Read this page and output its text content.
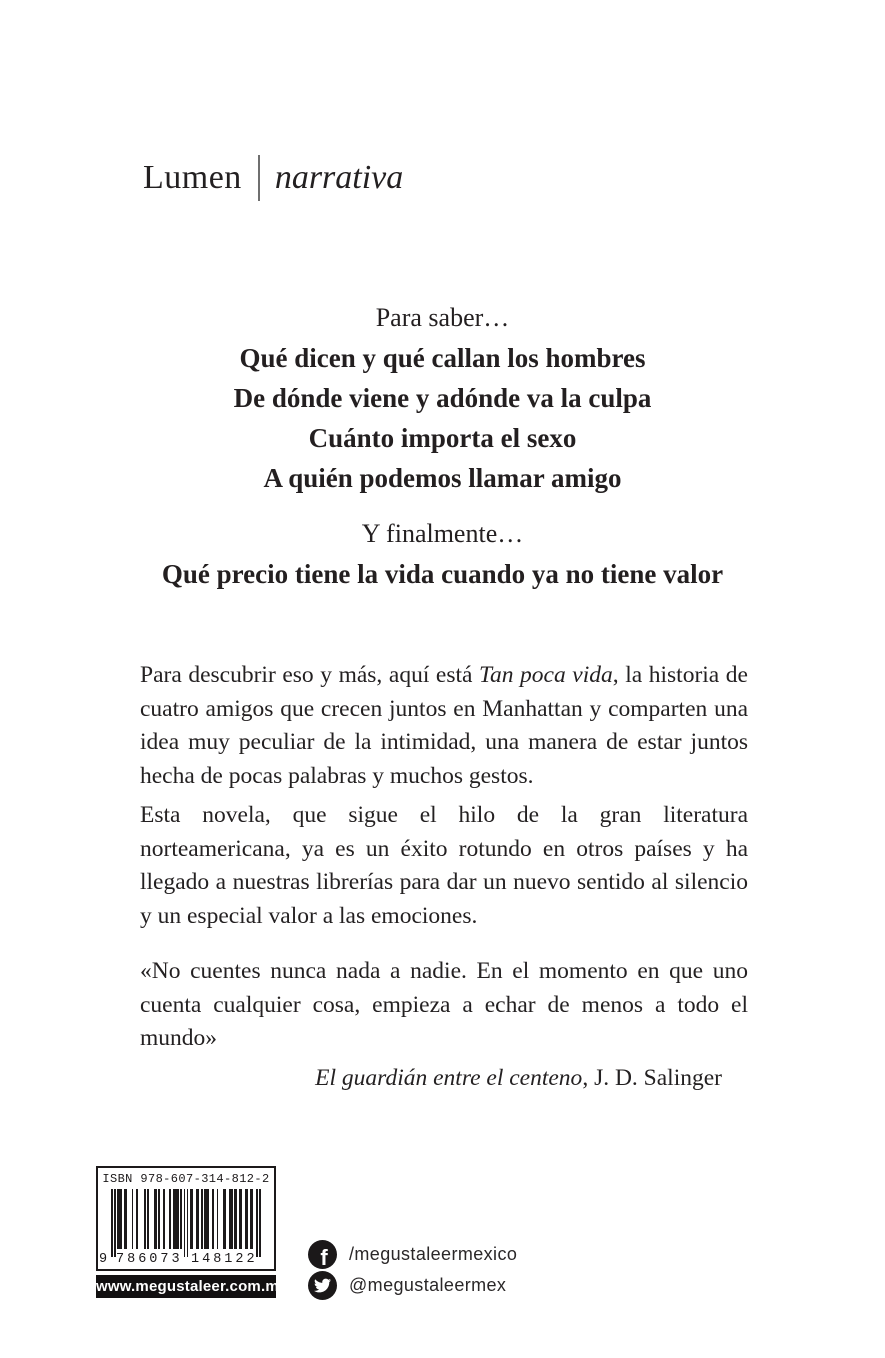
Lumen narrativa
Para saber…
Qué dicen y qué callan los hombres
De dónde viene y adónde va la culpa
Cuánto importa el sexo
A quién podemos llamar amigo
Y finalmente…
Qué precio tiene la vida cuando ya no tiene valor

Para descubrir eso y más, aquí está Tan poca vida, la historia de cuatro amigos que crecen juntos en Manhattan y comparten una idea muy peculiar de la intimidad, una manera de estar juntos hecha de pocas palabras y muchos gestos.

Esta novela, que sigue el hilo de la gran literatura norteamericana, ya es un éxito rotundo en otros países y ha llegado a nuestras librerías para dar un nuevo sentido al silencio y un especial valor a las emociones.

«No cuentes nunca nada a nadie. En el momento en que uno cuenta cualquier cosa, empieza a echar de menos a todo el mundo»

El guardián entre el centeno, J. D. Salinger

ISBN 978-607-314-812-2
9 786073 148122
www.megustaleer.com.mx
f /megustaleermexico
@megustaleermex
